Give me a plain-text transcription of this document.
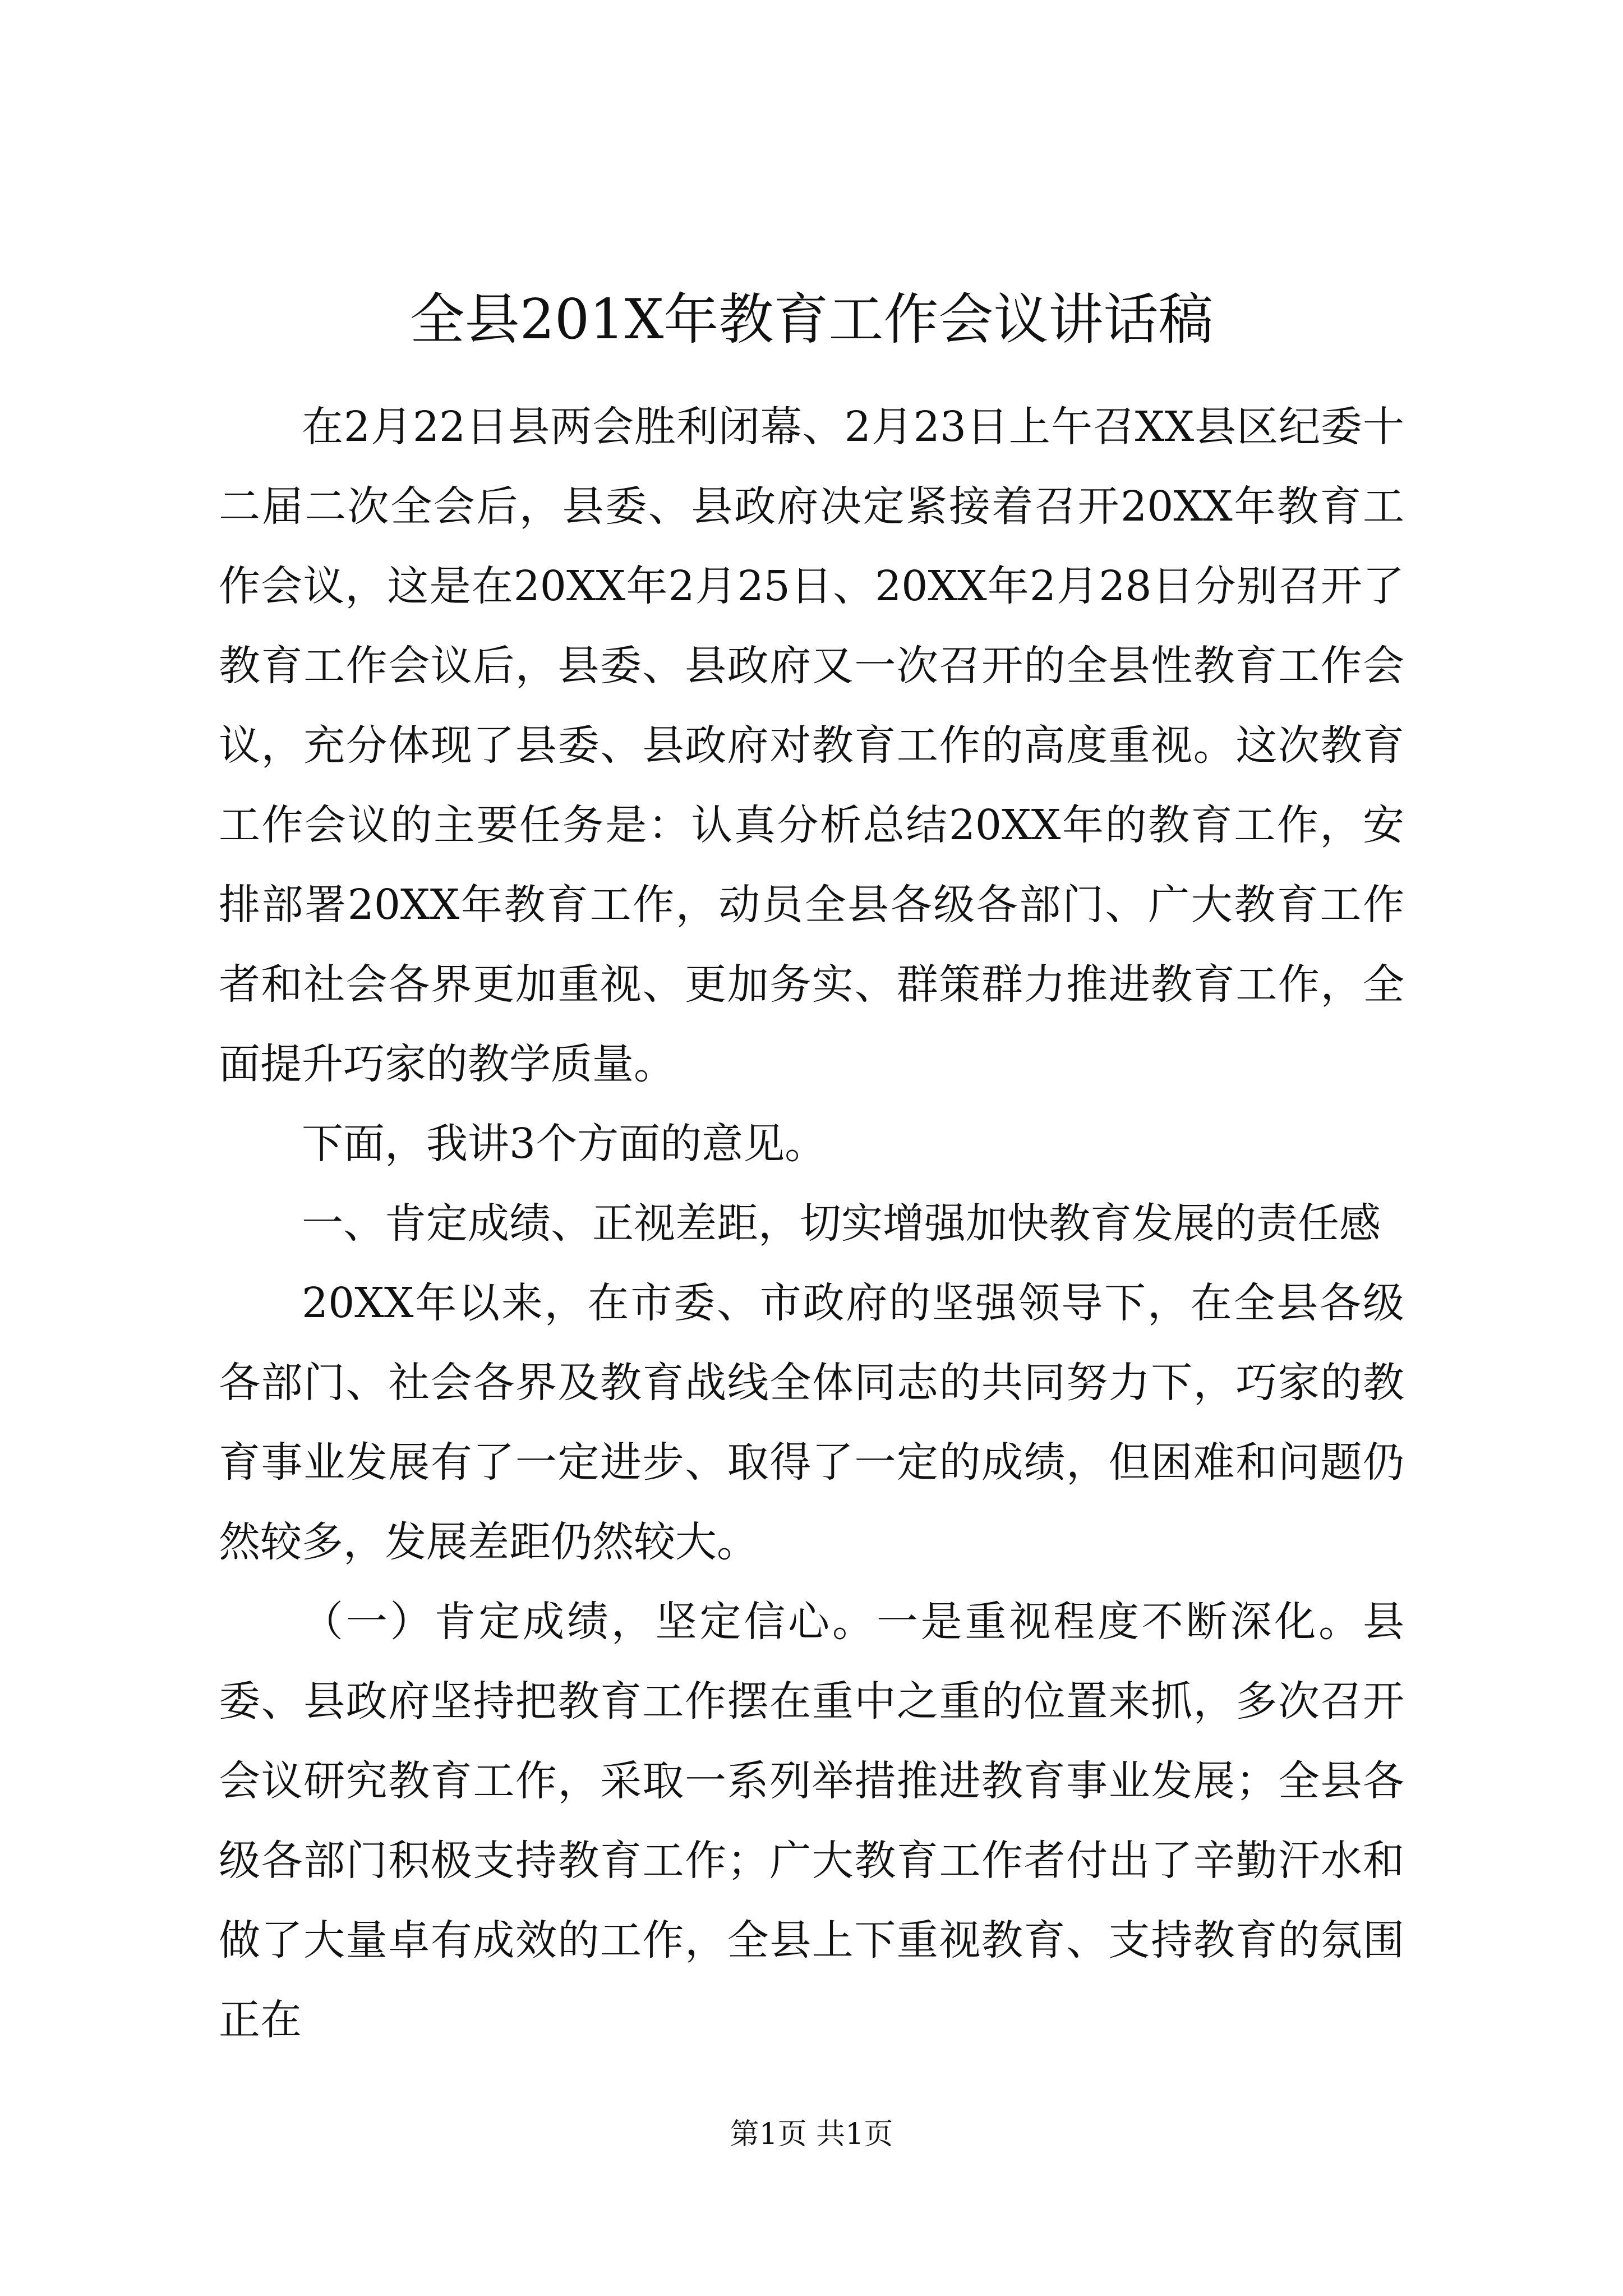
全县201X年教育工作会议讲话稿

在2月22日县两会胜利闭幕、2月23日上午召XX县区纪委十二届二次全会后，县委、县政府决定紧接着召开20XX年教育工作会议，这是在20XX年2月25日、20XX年2月28日分别召开了教育工作会议后，县委、县政府又一次召开的全县性教育工作会议，充分体现了县委、县政府对教育工作的高度重视。这次教育工作会议的主要任务是：认真分析总结20XX年的教育工作，安排部署20XX年教育工作，动员全县各级各部门、广大教育工作者和社会各界更加重视、更加务实、群策群力推进教育工作，全面提升巧家的教学质量。

下面，我讲3个方面的意见。

一、肯定成绩、正视差距，切实增强加快教育发展的责任感

20XX年以来，在市委、市政府的坚强领导下，在全县各级各部门、社会各界及教育战线全体同志的共同努力下，巧家的教育事业发展有了一定进步、取得了一定的成绩，但困难和问题仍然较多，发展差距仍然较大。

（一）肯定成绩，坚定信心。一是重视程度不断深化。县委、县政府坚持把教育工作摆在重中之重的位置来抓，多次召开会议研究教育工作，采取一系列举措推进教育事业发展；全县各级各部门积极支持教育工作；广大教育工作者付出了辛勤汗水和做了大量卓有成效的工作，全县上下重视教育、支持教育的氛围正在

第1页 共1页
